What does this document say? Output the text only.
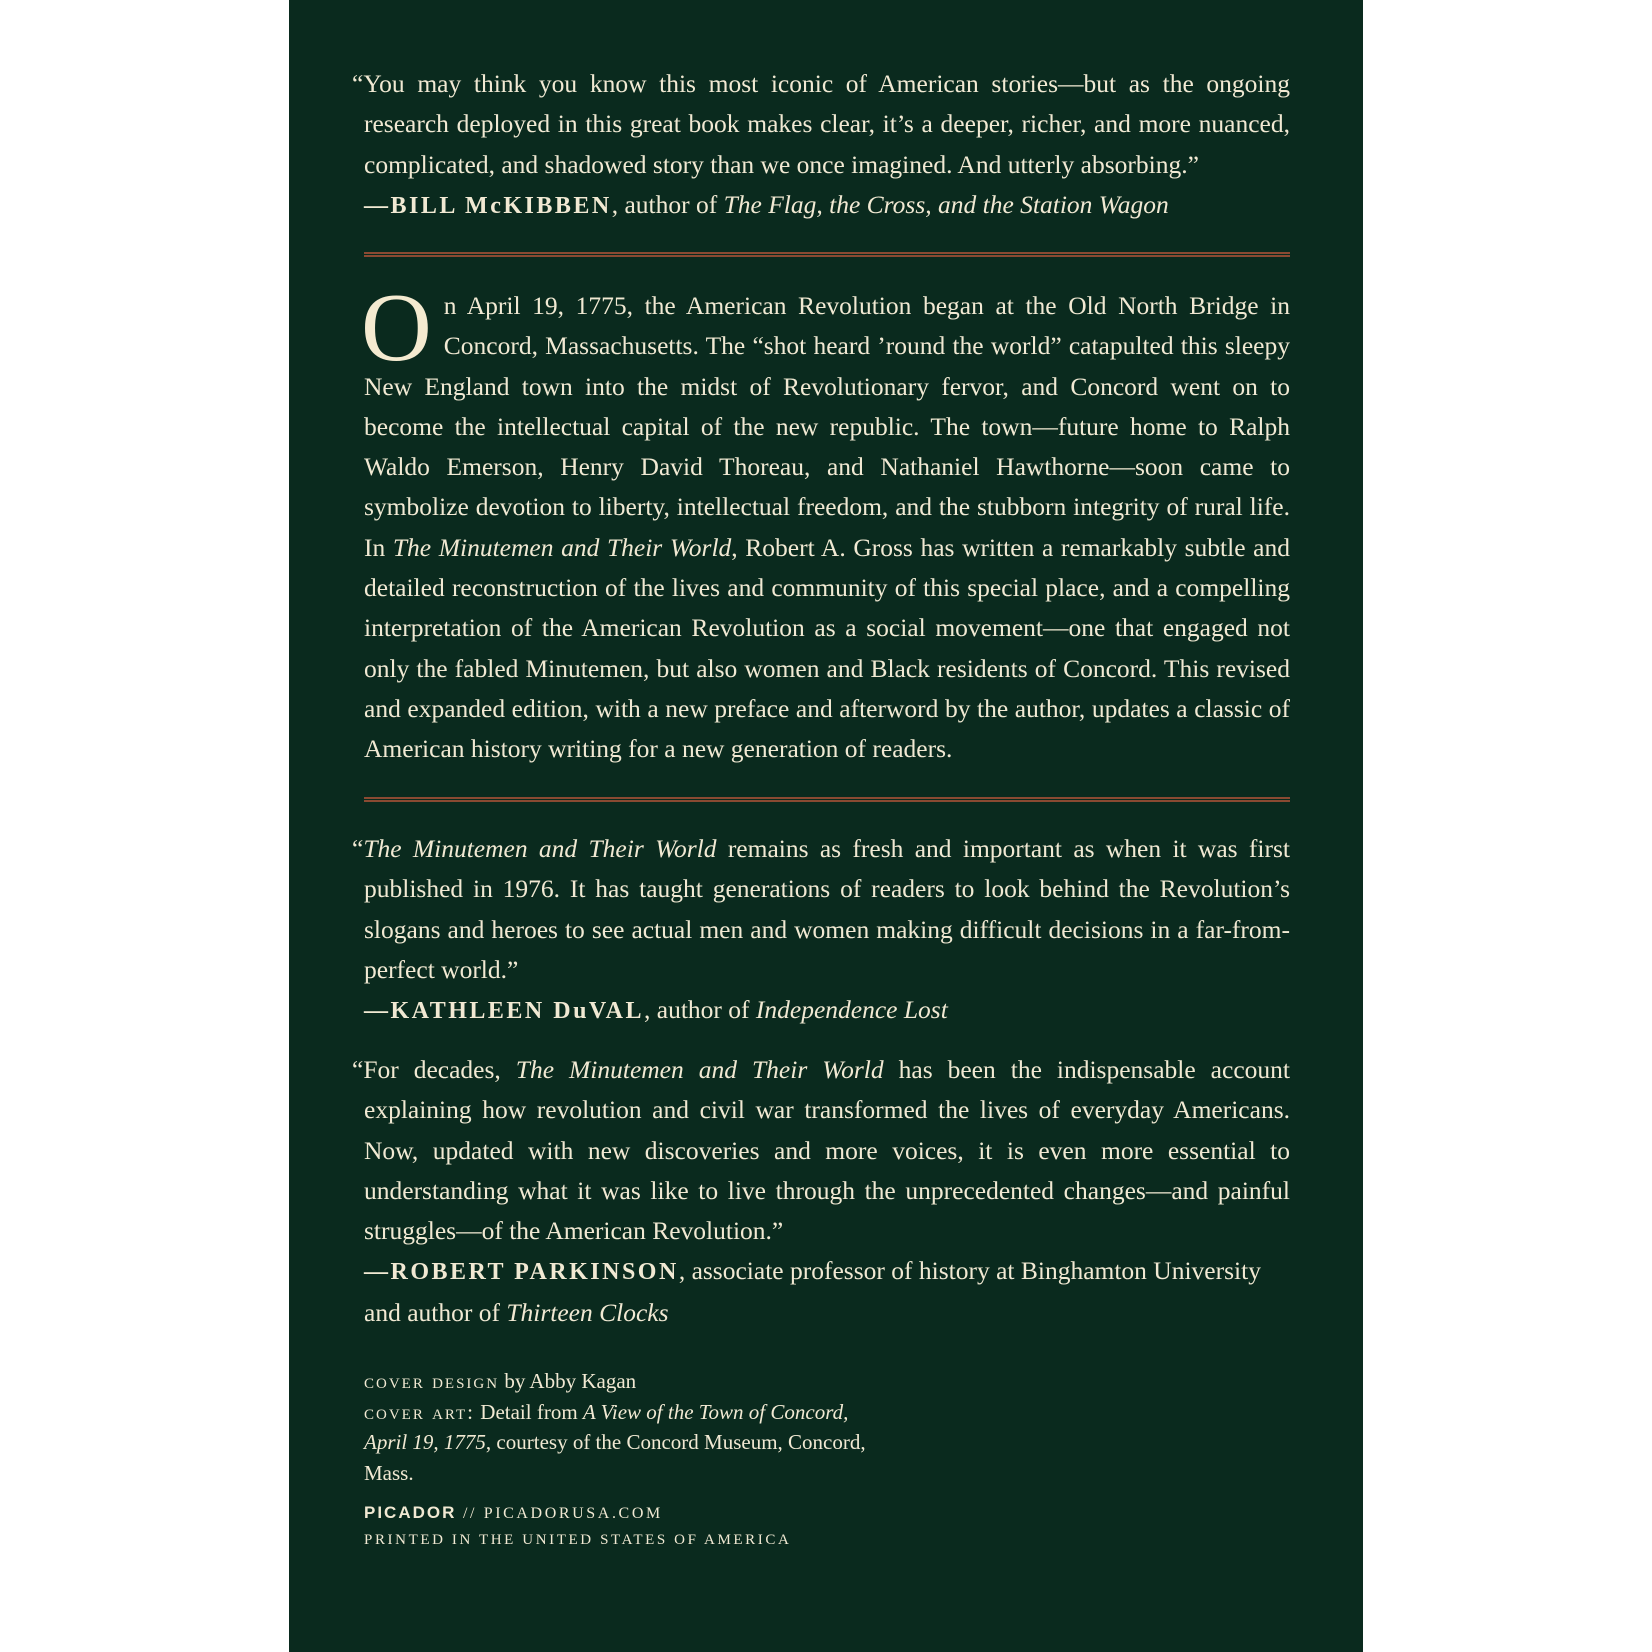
“You may think you know this most iconic of American stories—but as the ongoing research deployed in this great book makes clear, it’s a deeper, richer, and more nuanced, complicated, and shadowed story than we once imagined. And utterly absorbing.”

—BILL McKIBBEN, author of The Flag, the Cross, and the Station Wagon

On April 19, 1775, the American Revolution began at the Old North Bridge in Concord, Massachusetts. The “shot heard ’round the world” catapulted this sleepy New England town into the midst of Revolutionary fervor, and Concord went on to become the intellectual capital of the new republic. The town—future home to Ralph Waldo Emerson, Henry David Thoreau, and Nathaniel Hawthorne—soon came to symbolize devotion to liberty, intellectual freedom, and the stubborn integrity of rural life. In The Minutemen and Their World, Robert A. Gross has written a remarkably subtle and detailed reconstruction of the lives and community of this special place, and a compelling interpretation of the American Revolution as a social movement—one that engaged not only the fabled Minutemen, but also women and Black residents of Concord. This revised and expanded edition, with a new preface and afterword by the author, updates a classic of American history writing for a new generation of readers.

“The Minutemen and Their World remains as fresh and important as when it was first published in 1976. It has taught generations of readers to look behind the Revolution’s slogans and heroes to see actual men and women making difficult decisions in a far-from-perfect world.”

—KATHLEEN DuVAL, author of Independence Lost

“For decades, The Minutemen and Their World has been the indispensable account explaining how revolution and civil war transformed the lives of everyday Americans. Now, updated with new discoveries and more voices, it is even more essential to understanding what it was like to live through the unprecedented changes—and painful struggles—of the American Revolution.”

—ROBERT PARKINSON, associate professor of history at Binghamton University and author of Thirteen Clocks

cover design by Abby Kagan

cover art: Detail from A View of the Town of Concord, April 19, 1775, courtesy of the Concord Museum, Concord, Mass.

PICADOR // PICADORUSA.COM
PRINTED IN THE UNITED STATES OF AMERICA
